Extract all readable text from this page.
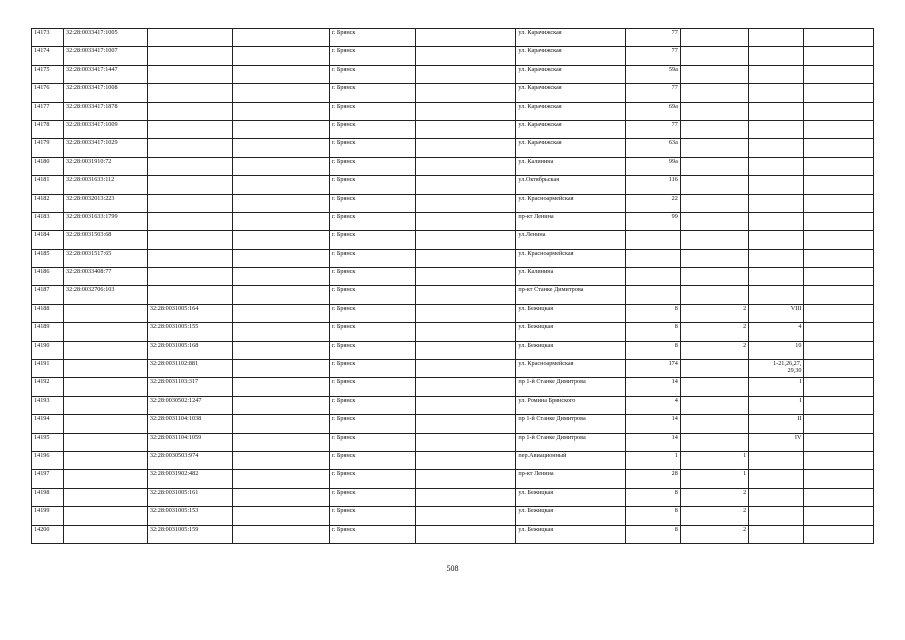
14173	32:28:0033417:1005			г. Брянск		ул. Карачижская	77			
14174	32:28:0033417:1007			г. Брянск		ул. Карачижская	77			
14175	32:28:0033417:1447			г. Брянск		ул. Карачижская	59а			
14176	32:28:0033417:1008			г. Брянск		ул. Карачижская	77			
14177	32:28:0033417:1878			г. Брянск		ул. Карачижская	69а			
14178	32:28:0033417:1009			г. Брянск		ул. Карачижская	77			
14179	32:28:0033417:1029			г. Брянск		ул. Карачижская	63а			
14180	32:28:0031910:72			г. Брянск		ул. Калинина	99а			
14181	32:28:0031633:112			г. Брянск		ул.Октябрьская	116			
14182	32:28:0032013:223			г. Брянск		ул. Красноармейская	22			
14183	32:28:0031633:1799			г. Брянск		пр-кт Ленина	99			
14184	32:28:0031503:68			г. Брянск		ул.Ленина				
14185	32:28:0031517:65			г. Брянск		ул. Красноармейская				
14186	32:28:0033408:77			г. Брянск		ул. Калинина				
14187	32:28:0032706:103			г. Брянск		пр-кт Станке Димитрова				
14188		32:28:0031005:164		г. Брянск		ул. Бежицкая	8	2	VIII	
14189		32:28:0031005:155		г. Брянск		ул. Бежицкая	8	2	4	
14190		32:28:0031005:168		г. Брянск		ул. Бежицкая	8	2	10	
14191		32:28:0031102:881		г. Брянск		ул. Красноармейская	174		1-21,26,27,
29,30	
14192		32:28:0031103:317		г. Брянск		пр 1-й Станке Димитрова	14		I	
14193		32:28:0030502:1247		г. Брянск		ул. Ромина Брянского	4		I	
14194		32:28:0031104:1038		г. Брянск		пр 1-й Станке Димитрова	14		II	
14195		32:28:0031104:1059		г. Брянск		пр 1-й Станке Димитрова	14		IV	
14196		32:28:0030503:974		г. Брянск		пер.Авиационный	1	1		
14197		32:28:0031902:482		г. Брянск		пр-кт Ленина	28	1		
14198		32:28:0031005:161		г. Брянск		ул. Бежицкая	8	2		
14199		32:28:0031005:153		г. Брянск		ул. Бежицкая	8	2		
14200		32:28:0031005:159		г. Брянск		ул. Бежицкая	8	2		
508
